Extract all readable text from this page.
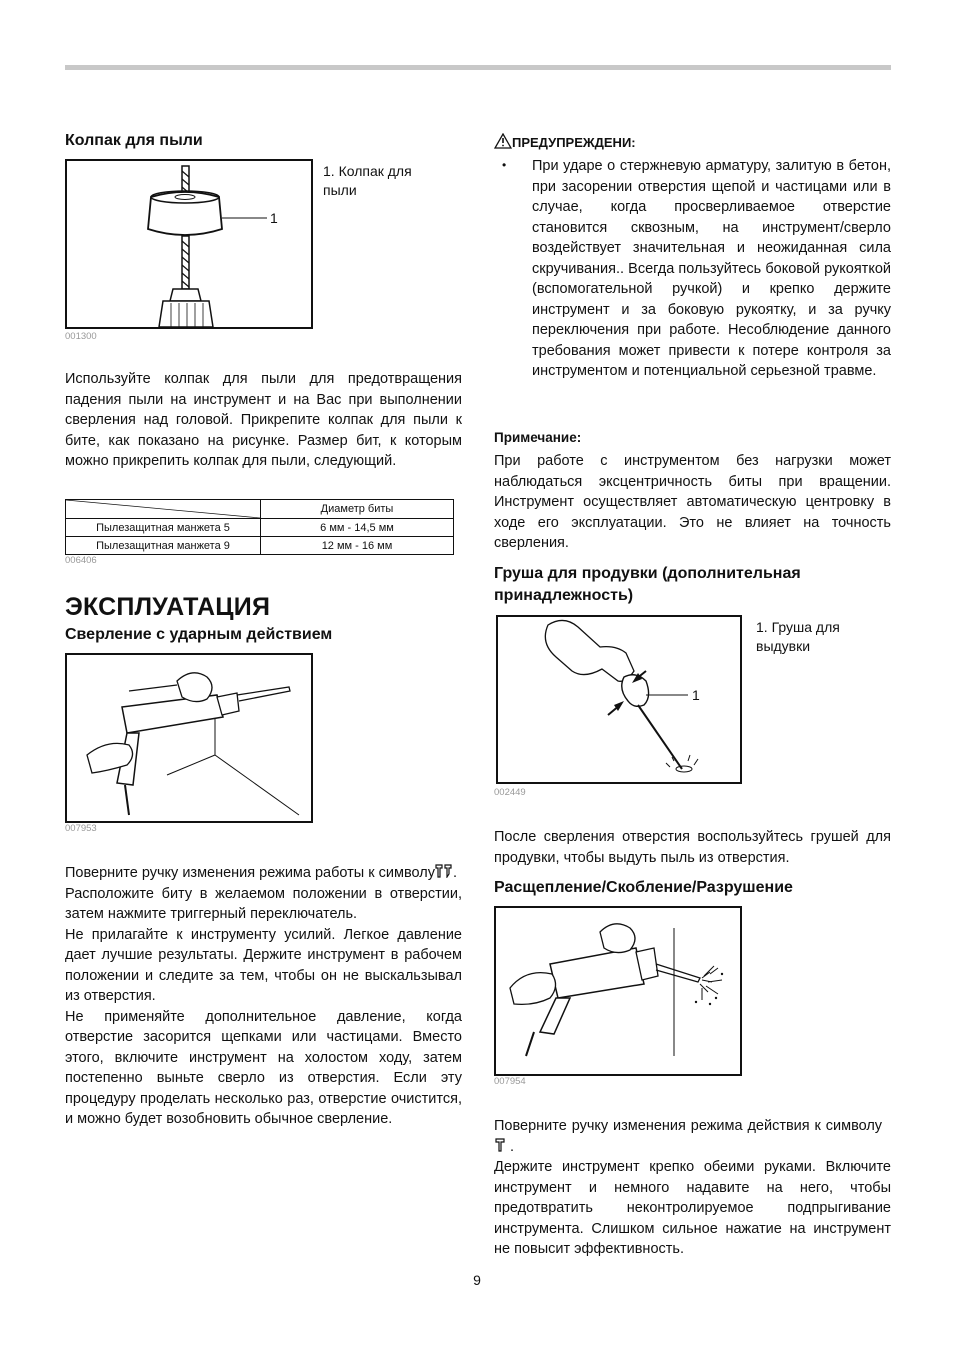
Колпак для пыли
1
1. Колпак для пыли
001300
Используйте колпак для пыли для предотвращения падения пыли на инструмент и на Вас при выполнении сверления над головой. Прикрепите колпак для пыли к бите, как показано на рисунке. Размер бит, к которым можно прикрепить колпак для пыли, следующий.
	Диаметр биты
Пылезащитная манжета 5	6 мм - 14,5 мм
Пылезащитная манжета 9	12 мм - 16 мм
006406
ЭКСПЛУАТАЦИЯ
Сверление с ударным действием
007953

Поверните ручку изменения режима работы к символу .

Расположите биту в желаемом положении в отверстии, затем нажмите триггерный переключатель.

Не прилагайте к инструменту усилий. Легкое давление дает лучшие результаты. Держите инструмент в рабочем положении и следите за тем, чтобы он не выскальзывал из отверстия.

Не применяйте дополнительное давление, когда отверстие засорится щепками или частицами. Вместо этого, включите инструмент на холостом ходу, затем постепенно выньте сверло из отверстия. Если эту процедуру проделать несколько раз, отверстие очистится, и можно будет возобновить обычное сверление.

ПРЕДУПРЕЖДЕНИ:
• При ударе о стержневую арматуру, залитую в бетон, при засорении отверстия щепой и частицами или в случае, когда просверливаемое отверстие становится сквозным, на инструмент/сверло воздействует значительная и неожиданная сила скручивания.. Всегда пользуйтесь боковой рукояткой (вспомогательной ручкой) и крепко держите инструмент и за боковую рукоятку, и за ручку переключения при работе. Несоблюдение данного требования может привести к потере контроля за инструментом и потенциальной серьезной травме.
Примечание:
При работе с инструментом без нагрузки может наблюдаться эксцентричность биты при вращении. Инструмент осуществляет автоматическую центровку в ходе его эксплуатации. Это не влияет на точность сверления.
Груша для продувки (дополнительная принадлежность)
1
1. Груша для выдувки
002449
После сверления отверстия воспользуйтесь грушей для продувки, чтобы выдуть пыль из отверстия.
Расщепление/Скобление/Разрушение
007954

Поверните ручку изменения режима действия к символу   .

Держите инструмент крепко обеими руками. Включите инструмент и немного надавите на него, чтобы предотвратить неконтролируемое подпрыгивание инструмента. Слишком сильное нажатие на инструмент не повысит эффективность.

9
